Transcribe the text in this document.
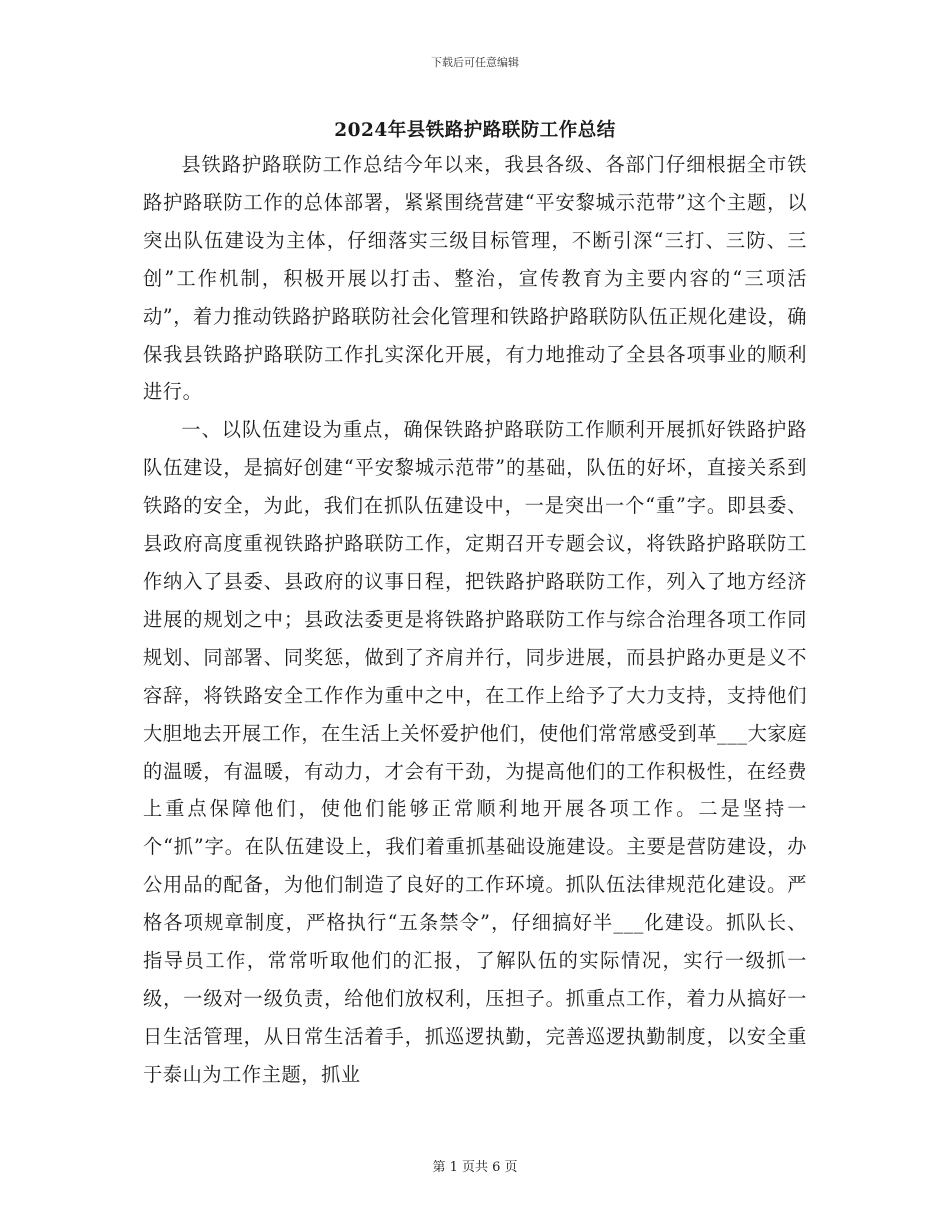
下载后可任意编辑
2024年县铁路护路联防工作总结

县铁路护路联防工作总结今年以来，我县各级、各部门仔细根据全市铁路护路联防工作的总体部署，紧紧围绕营建“平安黎城示范带”这个主题，以突出队伍建设为主体，仔细落实三级目标管理，不断引深“三打、三防、三创”工作机制，积极开展以打击、整治，宣传教育为主要内容的“三项活动”，着力推动铁路护路联防社会化管理和铁路护路联防队伍正规化建设，确保我县铁路护路联防工作扎实深化开展，有力地推动了全县各项事业的顺利进行。

一、以队伍建设为重点，确保铁路护路联防工作顺利开展抓好铁路护路队伍建设，是搞好创建“平安黎城示范带”的基础，队伍的好坏，直接关系到铁路的安全，为此，我们在抓队伍建设中，一是突出一个“重”字。即县委、县政府高度重视铁路护路联防工作，定期召开专题会议，将铁路护路联防工作纳入了县委、县政府的议事日程，把铁路护路联防工作，列入了地方经济进展的规划之中；县政法委更是将铁路护路联防工作与综合治理各项工作同规划、同部署、同奖惩，做到了齐肩并行，同步进展，而县护路办更是义不容辞，将铁路安全工作作为重中之中，在工作上给予了大力支持，支持他们大胆地去开展工作，在生活上关怀爱护他们，使他们常常感受到革___大家庭的温暖，有温暖，有动力，才会有干劲，为提高他们的工作积极性，在经费上重点保障他们，使他们能够正常顺利地开展各项工作。二是坚持一个“抓”字。在队伍建设上，我们着重抓基础设施建设。主要是营防建设，办公用品的配备，为他们制造了良好的工作环境。抓队伍法律规范化建设。严格各项规章制度，严格执行“五条禁令”，仔细搞好半___化建设。抓队长、指导员工作，常常听取他们的汇报，了解队伍的实际情况，实行一级抓一级，一级对一级负责，给他们放权利，压担子。抓重点工作，着力从搞好一日生活管理，从日常生活着手，抓巡逻执勤，完善巡逻执勤制度，以安全重于泰山为工作主题，抓业

第 1 页共 6 页
